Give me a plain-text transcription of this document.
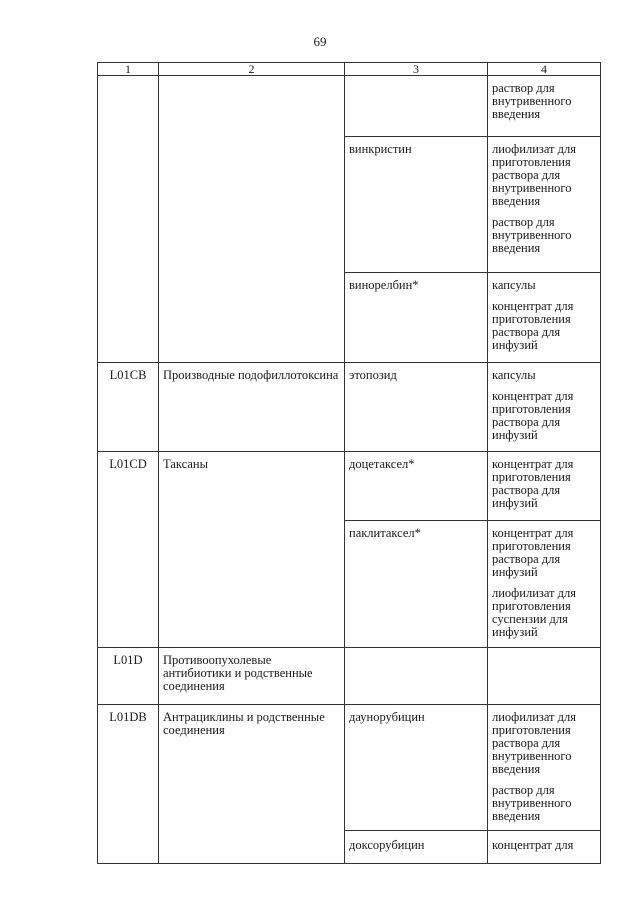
69
1	2	3	4

			раствор для внутривенного введения

		винкристин	лиофилизат для приготовления раствора для внутривенного введения
раствор для внутривенного введения

		винорелбин*	капсулы
концентрат для приготовления раствора для инфузий

L01CB	Производные подофиллотоксина	этопозид	капсулы
концентрат для приготовления раствора для инфузий

L01CD	Таксаны	доцетаксел*	концентрат для приготовления раствора для инфузий

		паклитаксел*	концентрат для приготовления раствора для инфузий
лиофилизат для приготовления суспензии для инфузий

L01D	Противоопухолевые антибиотики и родственные соединения		
L01DB	Антрациклины и родственные соединения	даунорубицин	лиофилизат для приготовления раствора для внутривенного введения
раствор для внутривенного введения

		доксорубицин	концентрат для
